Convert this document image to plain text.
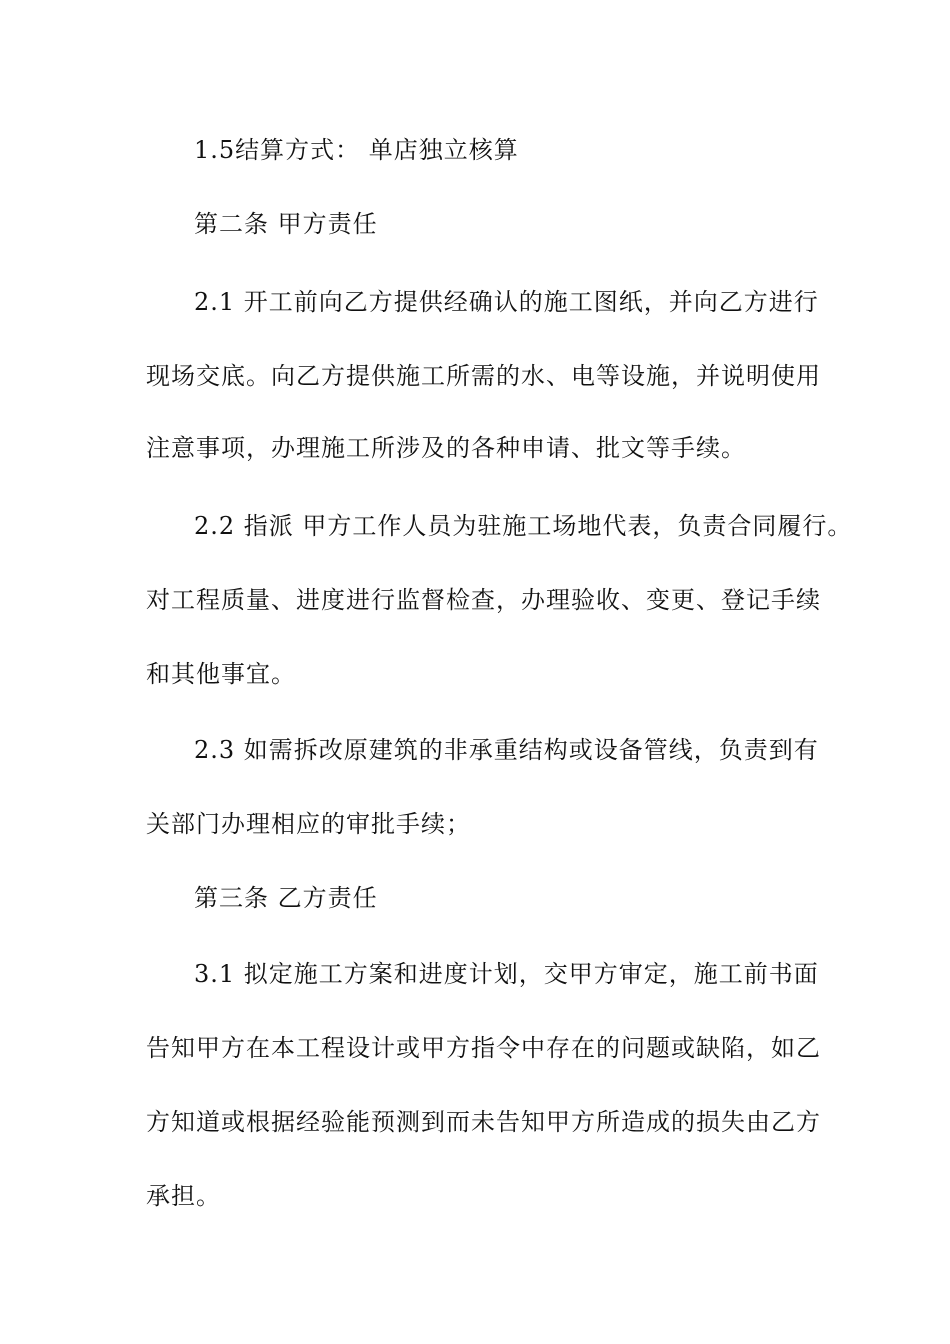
1.5结算方式： 单店独立核算
第二条 甲方责任
2.1 开工前向乙方提供经确认的施工图纸，并向乙方进行
现场交底。向乙方提供施工所需的水、电等设施，并说明使用
注意事项，办理施工所涉及的各种申请、批文等手续。
2.2 指派 甲方工作人员为驻施工场地代表，负责合同履行。
对工程质量、进度进行监督检查，办理验收、变更、登记手续
和其他事宜。
2.3 如需拆改原建筑的非承重结构或设备管线，负责到有
关部门办理相应的审批手续；
第三条 乙方责任
3.1 拟定施工方案和进度计划，交甲方审定，施工前书面
告知甲方在本工程设计或甲方指令中存在的问题或缺陷，如乙
方知道或根据经验能预测到而未告知甲方所造成的损失由乙方
承担。
